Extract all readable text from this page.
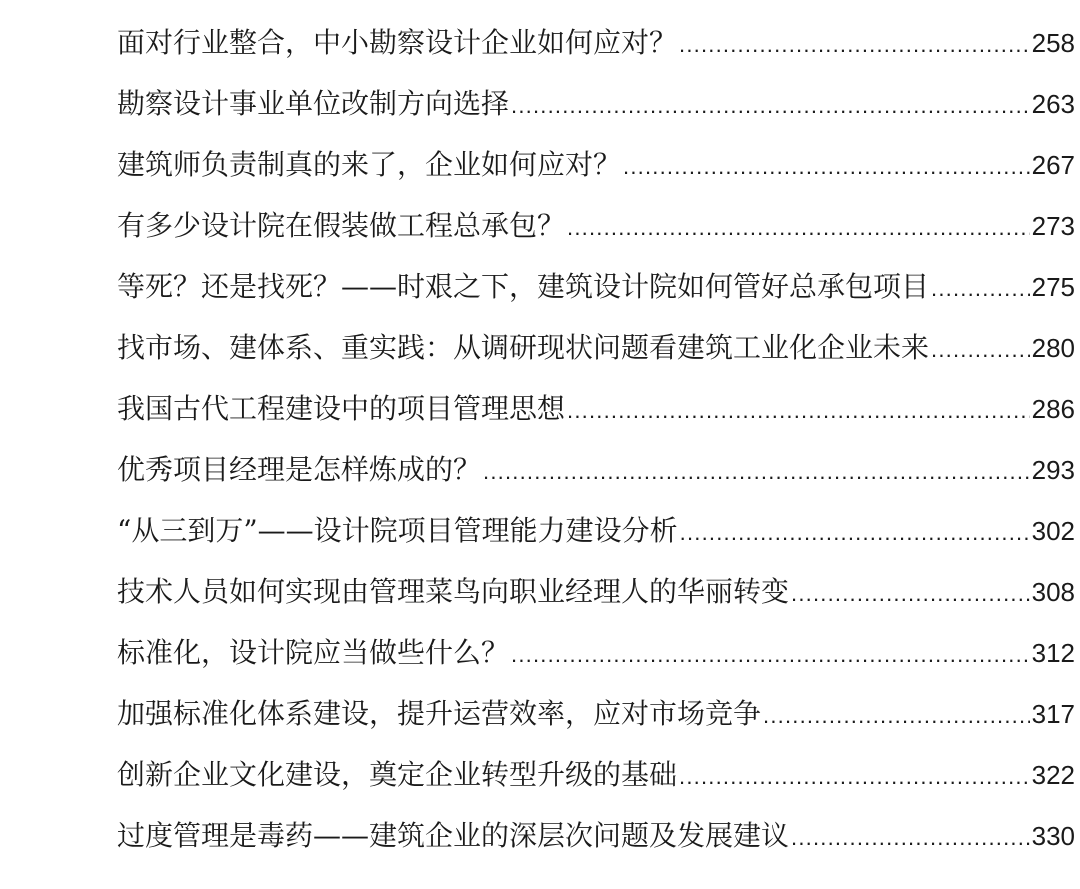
面对行业整合，中小勘察设计企业如何应对？ .....	258
勘察设计事业单位改制方向选择 .....	263
建筑师负责制真的来了，企业如何应对？ .....	267
有多少设计院在假装做工程总承包？ .....	273
等死？还是找死？——时艰之下，建筑设计院如何管好总承包项目 .....	275
找市场、建体系、重实践：从调研现状问题看建筑工业化企业未来 .....	280
我国古代工程建设中的项目管理思想 .....	286
优秀项目经理是怎样炼成的？ .....	293
“从三到万”——设计院项目管理能力建设分析 .....	302
技术人员如何实现由管理菜鸟向职业经理人的华丽转变 .....	308
标准化，设计院应当做些什么？ .....	312
加强标准化体系建设，提升运营效率，应对市场竞争 .....	317
创新企业文化建设，奠定企业转型升级的基础 .....	322
过度管理是毒药——建筑企业的深层次问题及发展建议 .....	330
